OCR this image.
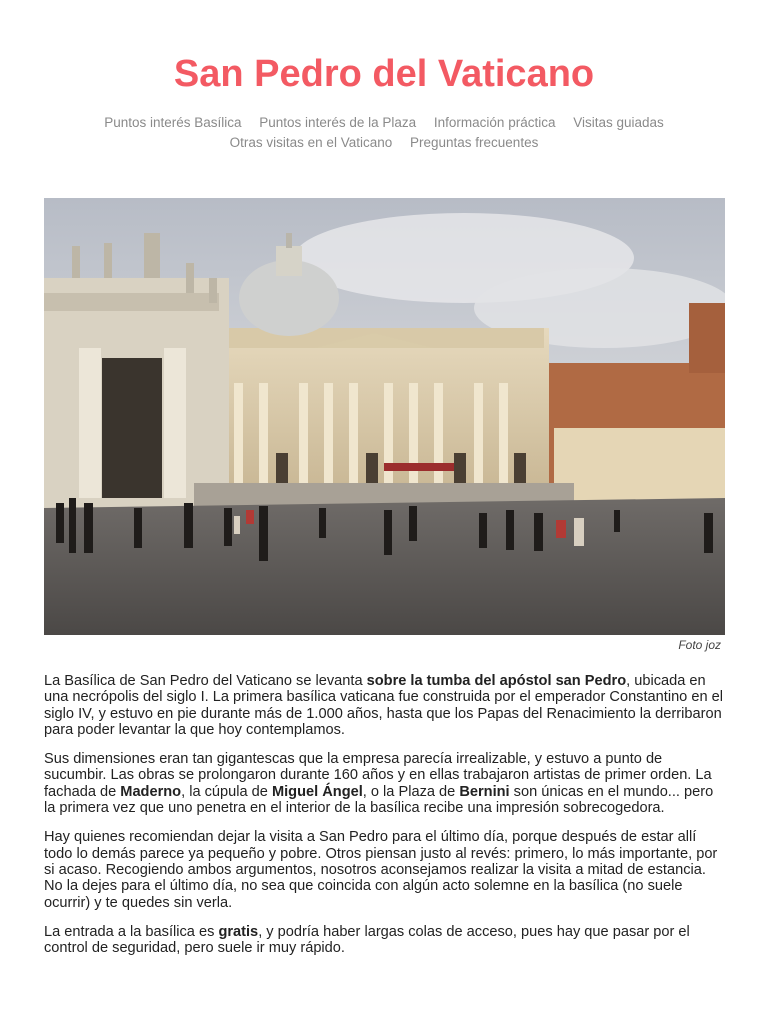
San Pedro del Vaticano
Puntos interés Basílica Puntos interés de la Plaza Información práctica Visitas guiadas
Otras visitas en el Vaticano Preguntas frecuentes
Foto joz

La Basílica de San Pedro del Vaticano se levanta sobre la tumba del apóstol san Pedro, ubicada en una necrópolis del siglo I. La primera basílica vaticana fue construida por el emperador Constantino en el siglo IV, y estuvo en pie durante más de 1.000 años, hasta que los Papas del Renacimiento la derribaron para poder levantar la que hoy contemplamos.

Sus dimensiones eran tan gigantescas que la empresa parecía irrealizable, y estuvo a punto de sucumbir. Las obras se prolongaron durante 160 años y en ellas trabajaron artistas de primer orden. La fachada de Maderno, la cúpula de Miguel Ángel, o la Plaza de Bernini son únicas en el mundo... pero la primera vez que uno penetra en el interior de la basílica recibe una impresión sobrecogedora.

Hay quienes recomiendan dejar la visita a San Pedro para el último día, porque después de estar allí todo lo demás parece ya pequeño y pobre. Otros piensan justo al revés: primero, lo más importante, por si acaso. Recogiendo ambos argumentos, nosotros aconsejamos realizar la visita a mitad de estancia. No la dejes para el último día, no sea que coincida con algún acto solemne en la basílica (no suele ocurrir) y te quedes sin verla.

La entrada a la basílica es gratis, y podría haber largas colas de acceso, pues hay que pasar por el control de seguridad, pero suele ir muy rápido.
